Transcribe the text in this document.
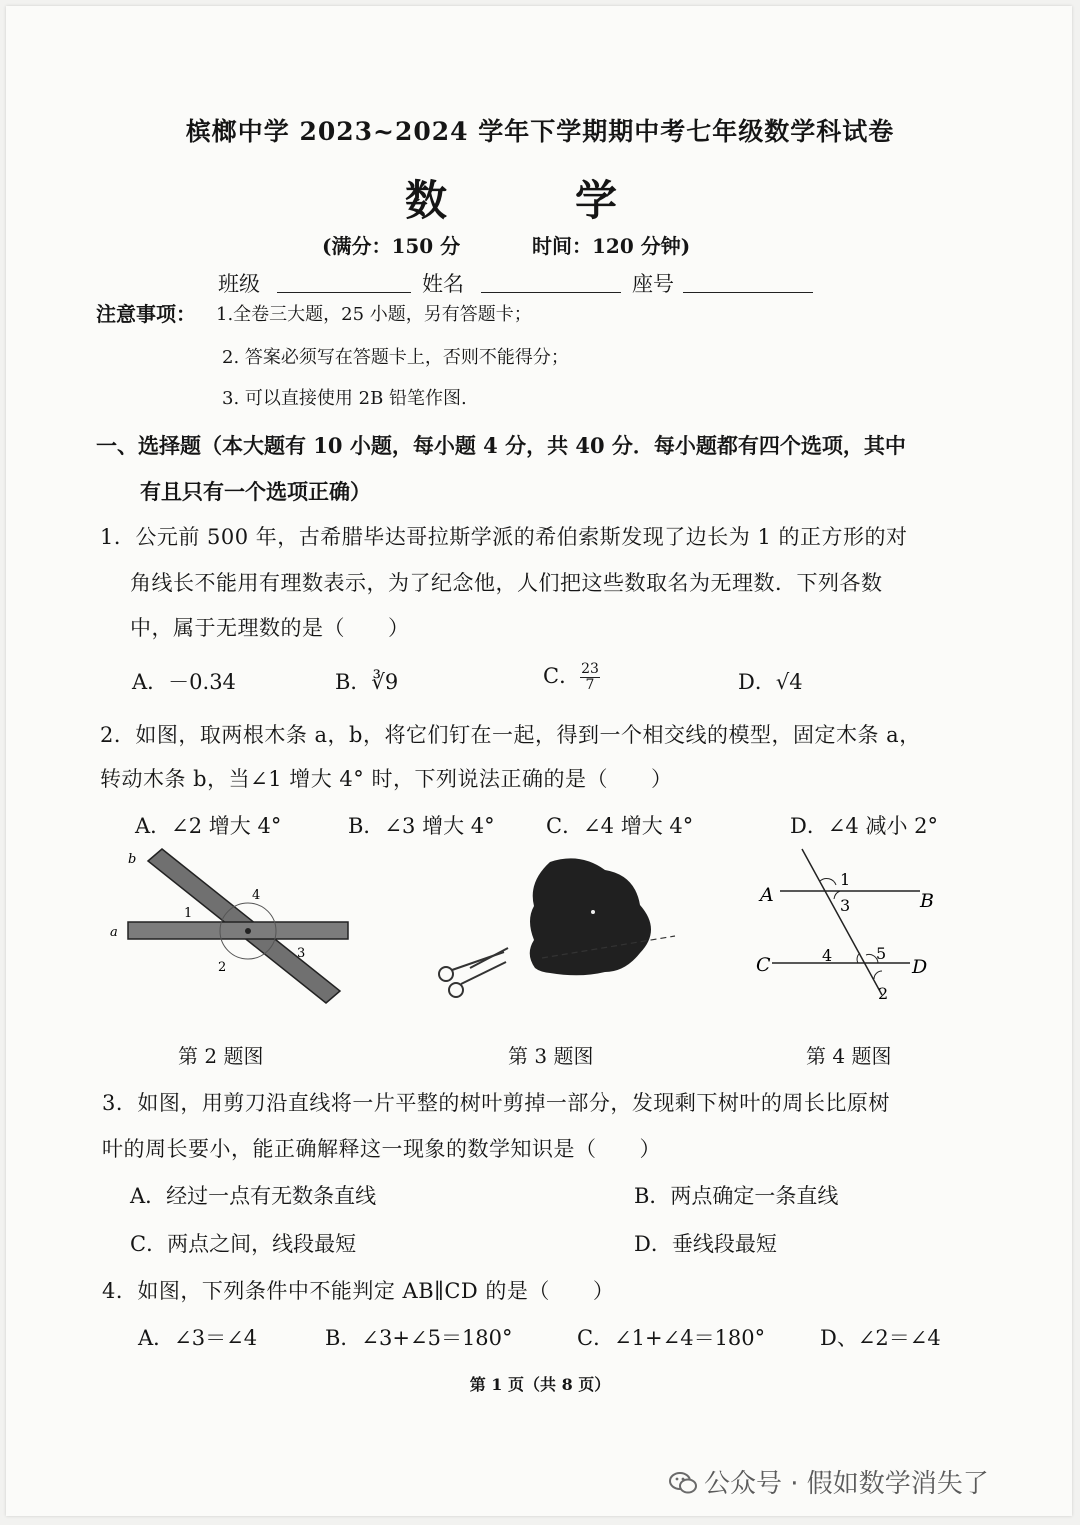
槟榔中学 2023~2024 学年下学期期中考七年级数学科试卷
数	学
(满分：150 分	时间：120 分钟)
班级	姓名	座号
注意事项： 1.全卷三大题，25 小题，另有答题卡；
2. 答案必须写在答题卡上，否则不能得分；
3. 可以直接使用 2B 铅笔作图.
一、选择题（本大题有 10 小题，每小题 4 分，共 40 分．每小题都有四个选项，其中
有且只有一个选项正确）
1．公元前 500 年，古希腊毕达哥拉斯学派的希伯索斯发现了边长为 1 的正方形的对
角线长不能用有理数表示，为了纪念他，人们把这些数取名为无理数．下列各数
中，属于无理数的是（　　）
A．－0.34	B．∛9	C． $\frac{23}{7}$	D．√4
2．如图，取两根木条 a，b，将它们钉在一起，得到一个相交线的模型，固定木条 a，
转动木条 b，当∠1 增大 4° 时，下列说法正确的是（　　）
A．∠2 增大 4°	B．∠3 增大 4° C．∠4 增大 4°	D．∠4 减小 2°
a
b
1
2
3
4
第 2 题图	第 3 题图
A	B
C	D
1
3
4	5
2
第 4 题图
3．如图，用剪刀沿直线将一片平整的树叶剪掉一部分，发现剩下树叶的周长比原树
叶的周长要小，能正确解释这一现象的数学知识是（　　）
A．经过一点有无数条直线	B．两点确定一条直线
C．两点之间，线段最短	D．垂线段最短
4．如图，下列条件中不能判定 AB∥CD 的是（　　）
A．∠3＝∠4	B．∠3+∠5＝180°	C．∠1+∠4＝180°	D、∠2＝∠4
第 1 页（共 8 页）
公众号 · 假如数学消失了
